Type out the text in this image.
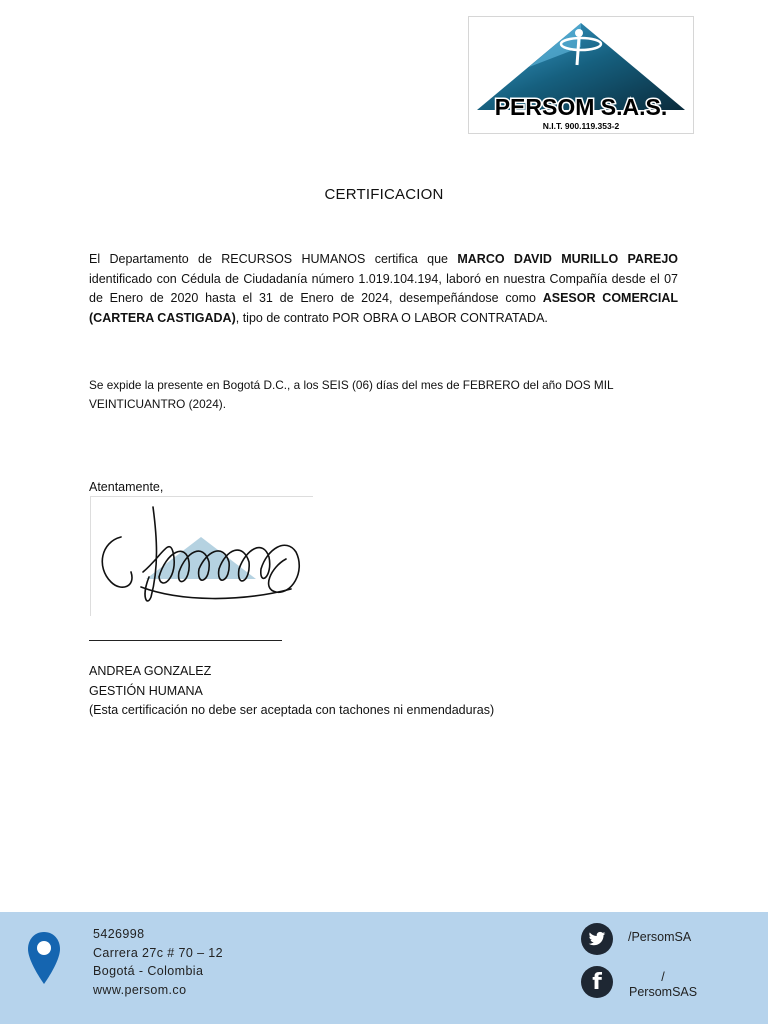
PERSOM S.A.S.
N.I.T. 900.119.353-2
CERTIFICACION
El Departamento de RECURSOS HUMANOS certifica que MARCO DAVID MURILLO PAREJO identificado con Cédula de Ciudadanía número 1.019.104.194, laboró en nuestra Compañía desde el 07 de Enero de 2020 hasta el 31 de Enero de 2024, desempeñándose como ASESOR COMERCIAL (CARTERA CASTIGADA), tipo de contrato POR OBRA O LABOR CONTRATADA.
Se expide la presente en Bogotá D.C., a los SEIS (06) días del mes de FEBRERO del año DOS MIL VEINTICUANTRO (2024).
Atentamente,
ANDREA GONZALEZ
GESTIÓN HUMANA
(Esta certificación no debe ser aceptada con tachones ni enmendaduras)
5426998
Carrera 27c # 70 – 12
Bogotá - Colombia
www.persom.co
/PersomSA
f	/
PersomSAS
